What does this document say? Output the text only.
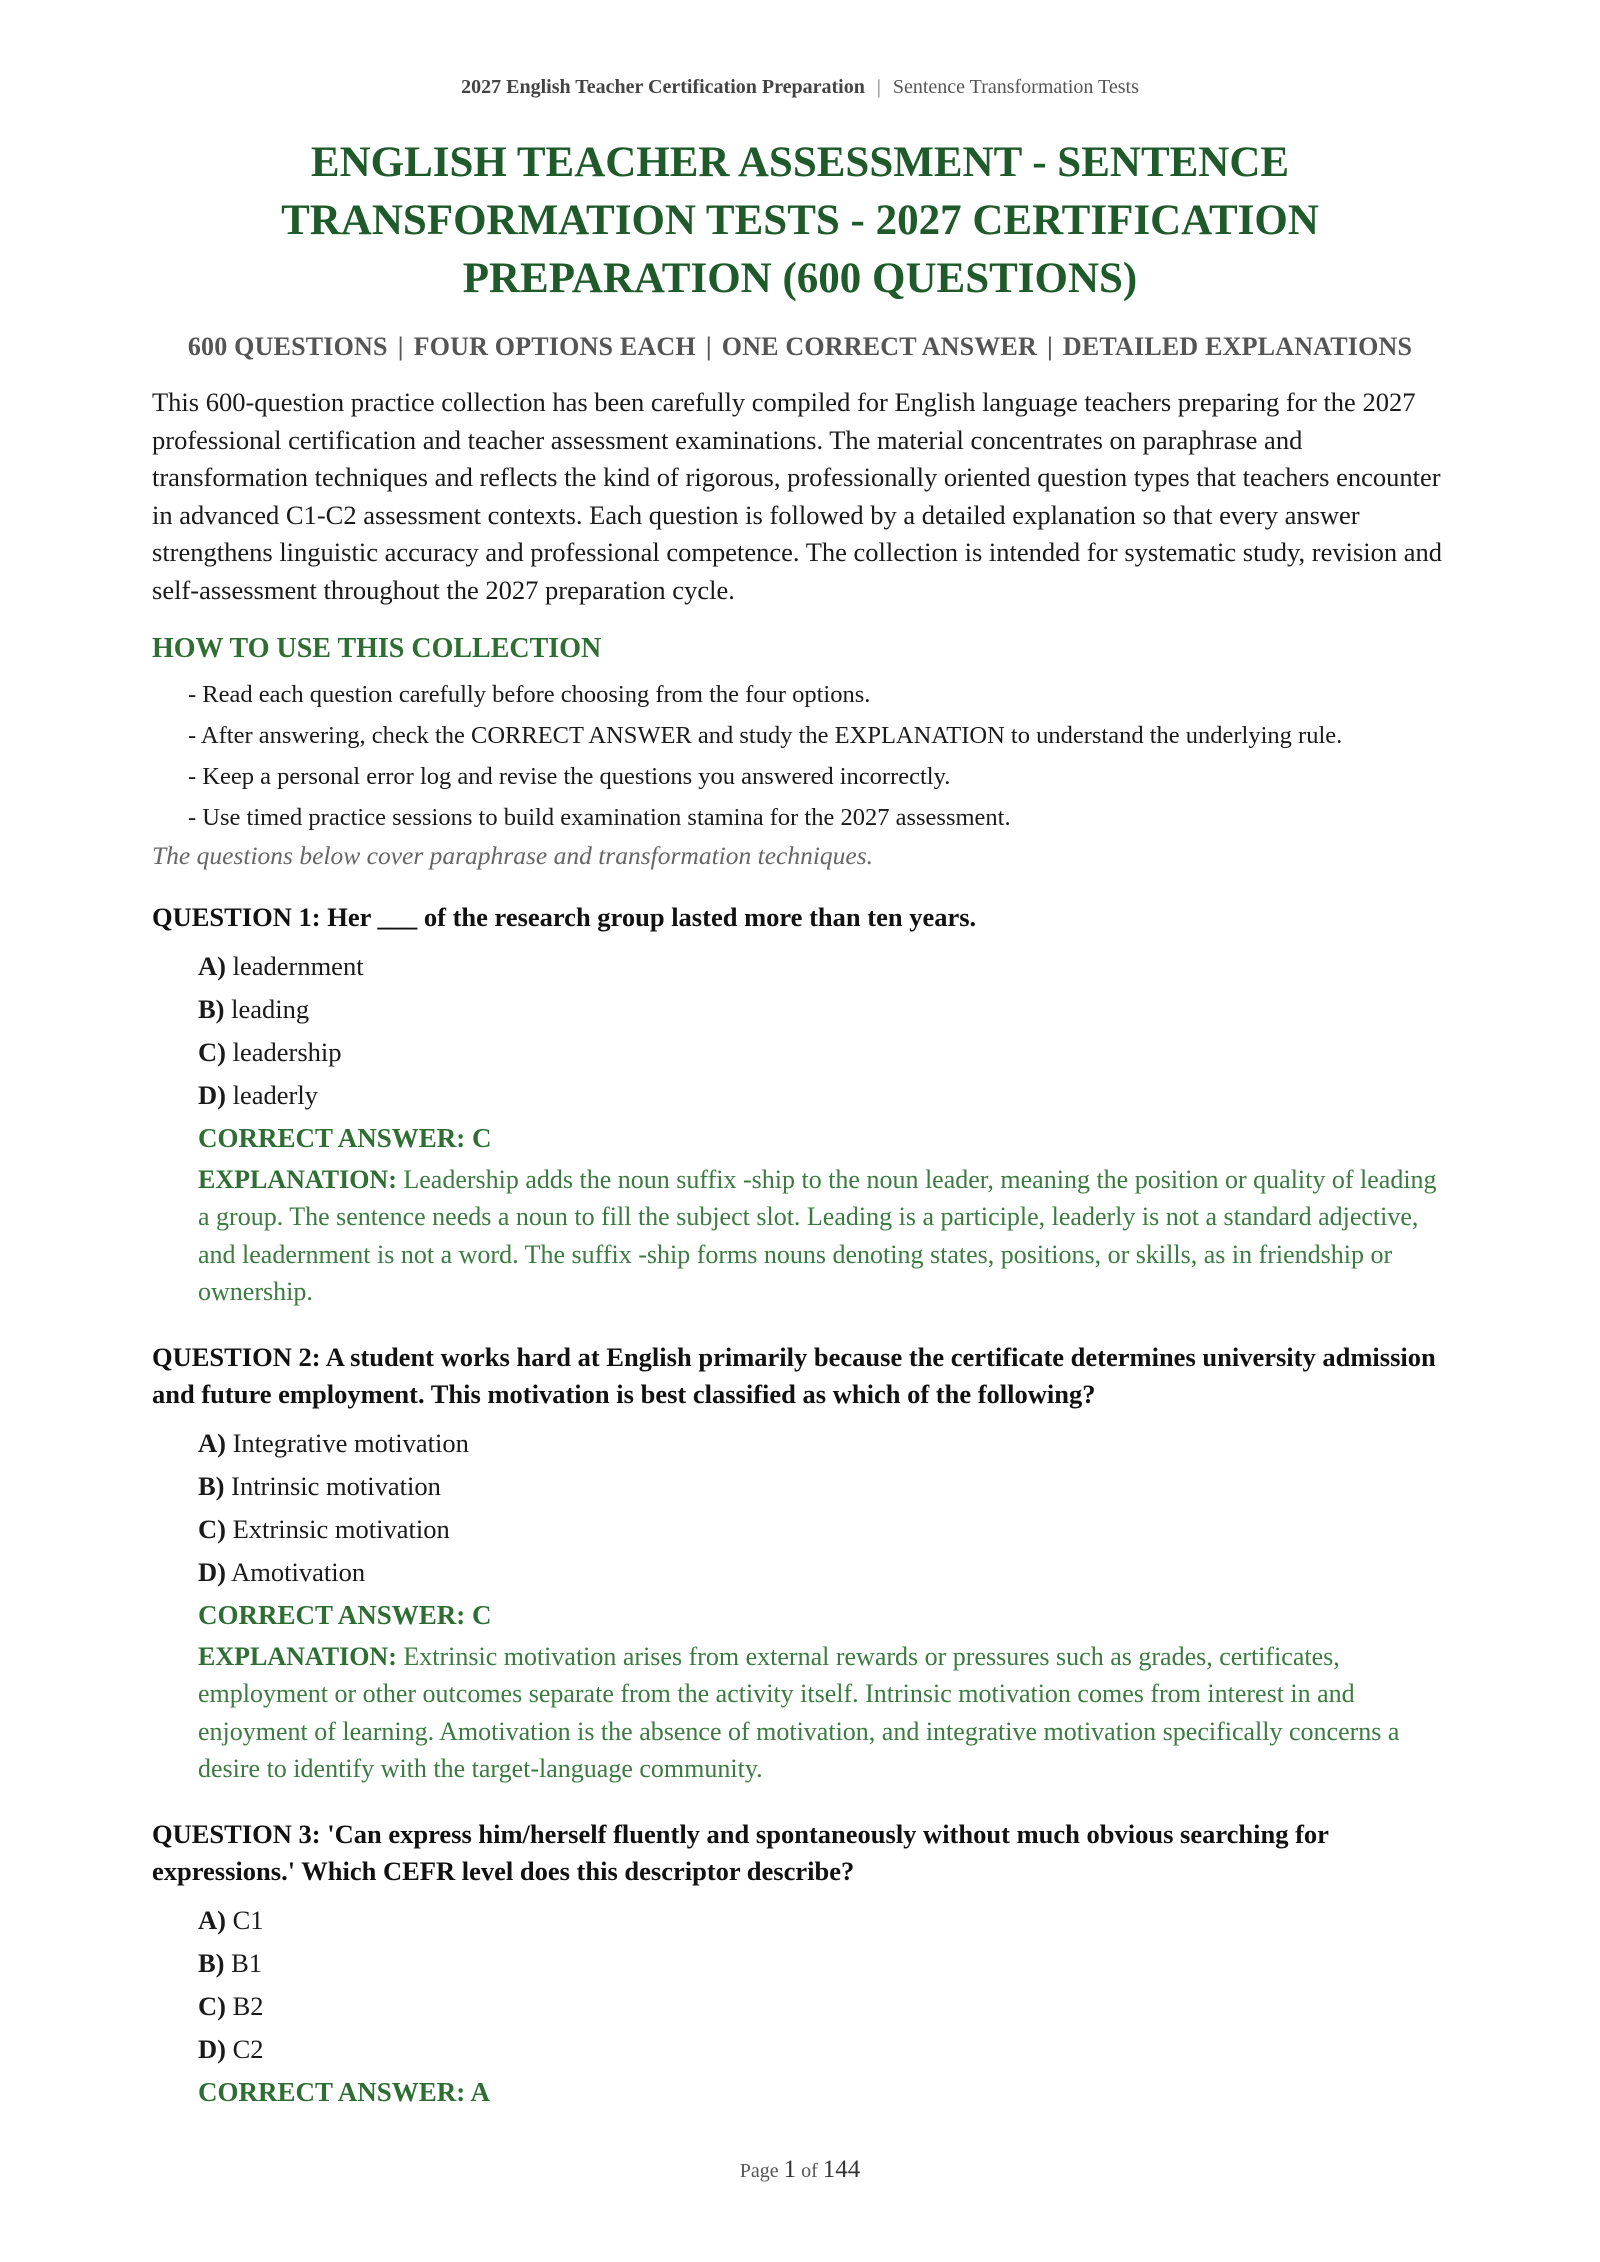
2027 English Teacher Certification Preparation | Sentence Transformation Tests
ENGLISH TEACHER ASSESSMENT - SENTENCE TRANSFORMATION TESTS - 2027 CERTIFICATION PREPARATION (600 QUESTIONS)
600 QUESTIONS | FOUR OPTIONS EACH | ONE CORRECT ANSWER | DETAILED EXPLANATIONS
This 600-question practice collection has been carefully compiled for English language teachers preparing for the 2027 professional certification and teacher assessment examinations. The material concentrates on paraphrase and transformation techniques and reflects the kind of rigorous, professionally oriented question types that teachers encounter in advanced C1-C2 assessment contexts. Each question is followed by a detailed explanation so that every answer strengthens linguistic accuracy and professional competence. The collection is intended for systematic study, revision and self-assessment throughout the 2027 preparation cycle.
HOW TO USE THIS COLLECTION
- Read each question carefully before choosing from the four options.
- After answering, check the CORRECT ANSWER and study the EXPLANATION to understand the underlying rule.
- Keep a personal error log and revise the questions you answered incorrectly.
- Use timed practice sessions to build examination stamina for the 2027 assessment.
The questions below cover paraphrase and transformation techniques.
QUESTION 1: Her ___ of the research group lasted more than ten years.
A) leadernment
B) leading
C) leadership
D) leaderly
CORRECT ANSWER: C
EXPLANATION: Leadership adds the noun suffix -ship to the noun leader, meaning the position or quality of leading a group. The sentence needs a noun to fill the subject slot. Leading is a participle, leaderly is not a standard adjective, and leadernment is not a word. The suffix -ship forms nouns denoting states, positions, or skills, as in friendship or ownership.
QUESTION 2: A student works hard at English primarily because the certificate determines university admission and future employment. This motivation is best classified as which of the following?
A) Integrative motivation
B) Intrinsic motivation
C) Extrinsic motivation
D) Amotivation
CORRECT ANSWER: C
EXPLANATION: Extrinsic motivation arises from external rewards or pressures such as grades, certificates, employment or other outcomes separate from the activity itself. Intrinsic motivation comes from interest in and enjoyment of learning. Amotivation is the absence of motivation, and integrative motivation specifically concerns a desire to identify with the target-language community.
QUESTION 3: 'Can express him/herself fluently and spontaneously without much obvious searching for expressions.' Which CEFR level does this descriptor describe?
A) C1
B) B1
C) B2
D) C2
CORRECT ANSWER: A
Page 1 of 144
